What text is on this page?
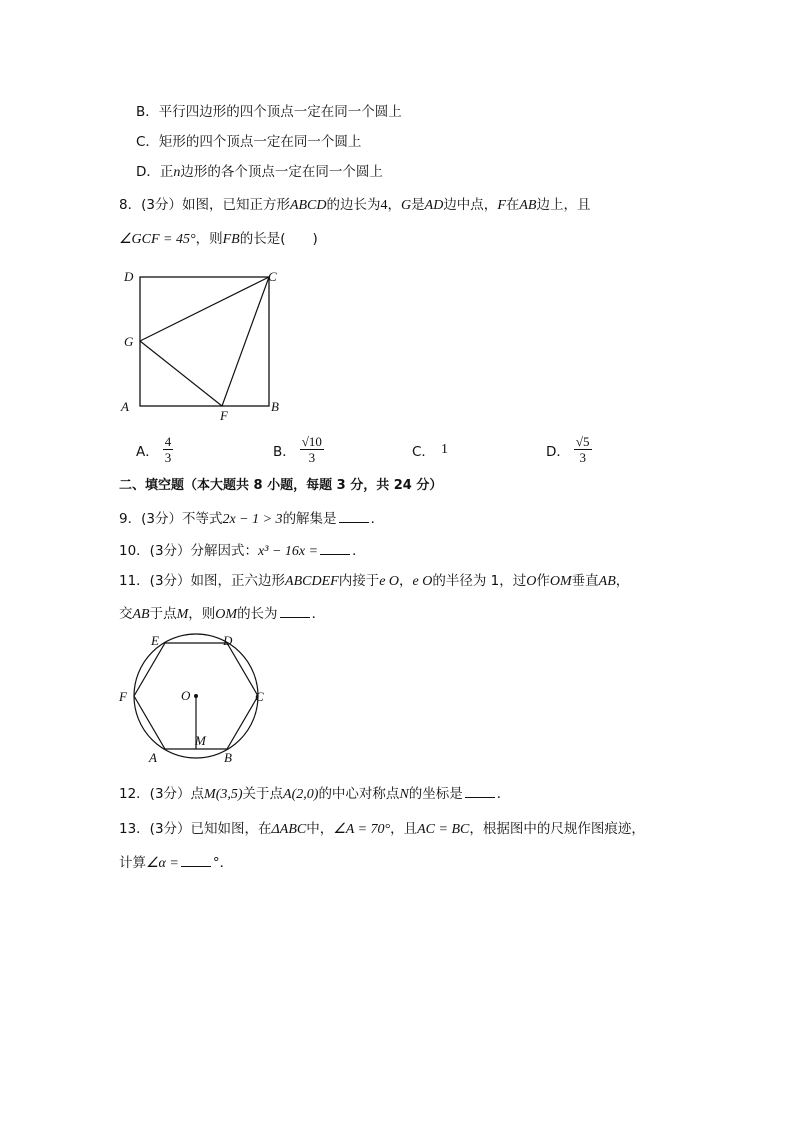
B．平行四边形的四个顶点一定在同一个圆上
C．矩形的四个顶点一定在同一个圆上
D．正n边形的各个顶点一定在同一个圆上
8．(3分）如图，已知正方形ABCD的边长为4，G是AD边中点，F在AB边上，且
∠GCF = 45°，则FB的长是(　　)
D	C
G
A
F
B
A． $\frac{4}{3}$	B． $\frac{√10}{3}$	C． 1	D． $\frac{√5}{3}$
二、填空题（本大题共 8 小题，每题 3 分，共 24 分）
9．(3分）不等式2x − 1 > 3的解集是	．
10．(3分）分解因式：x³ − 16x =	．
11．(3分）如图，正六边形ABCDEF内接于e O，e O的半径为 1，过O作OM垂直AB，
交AB于点M，则OM的长为	．
E	D
F	O	C
A
M
B
12．(3分）点M(3,5)关于点A(2,0)的中心对称点N的坐标是	．
13．(3分）已知如图，在ΔABC中，∠A = 70°，且AC = BC，根据图中的尺规作图痕迹，
计算∠α =	°．
